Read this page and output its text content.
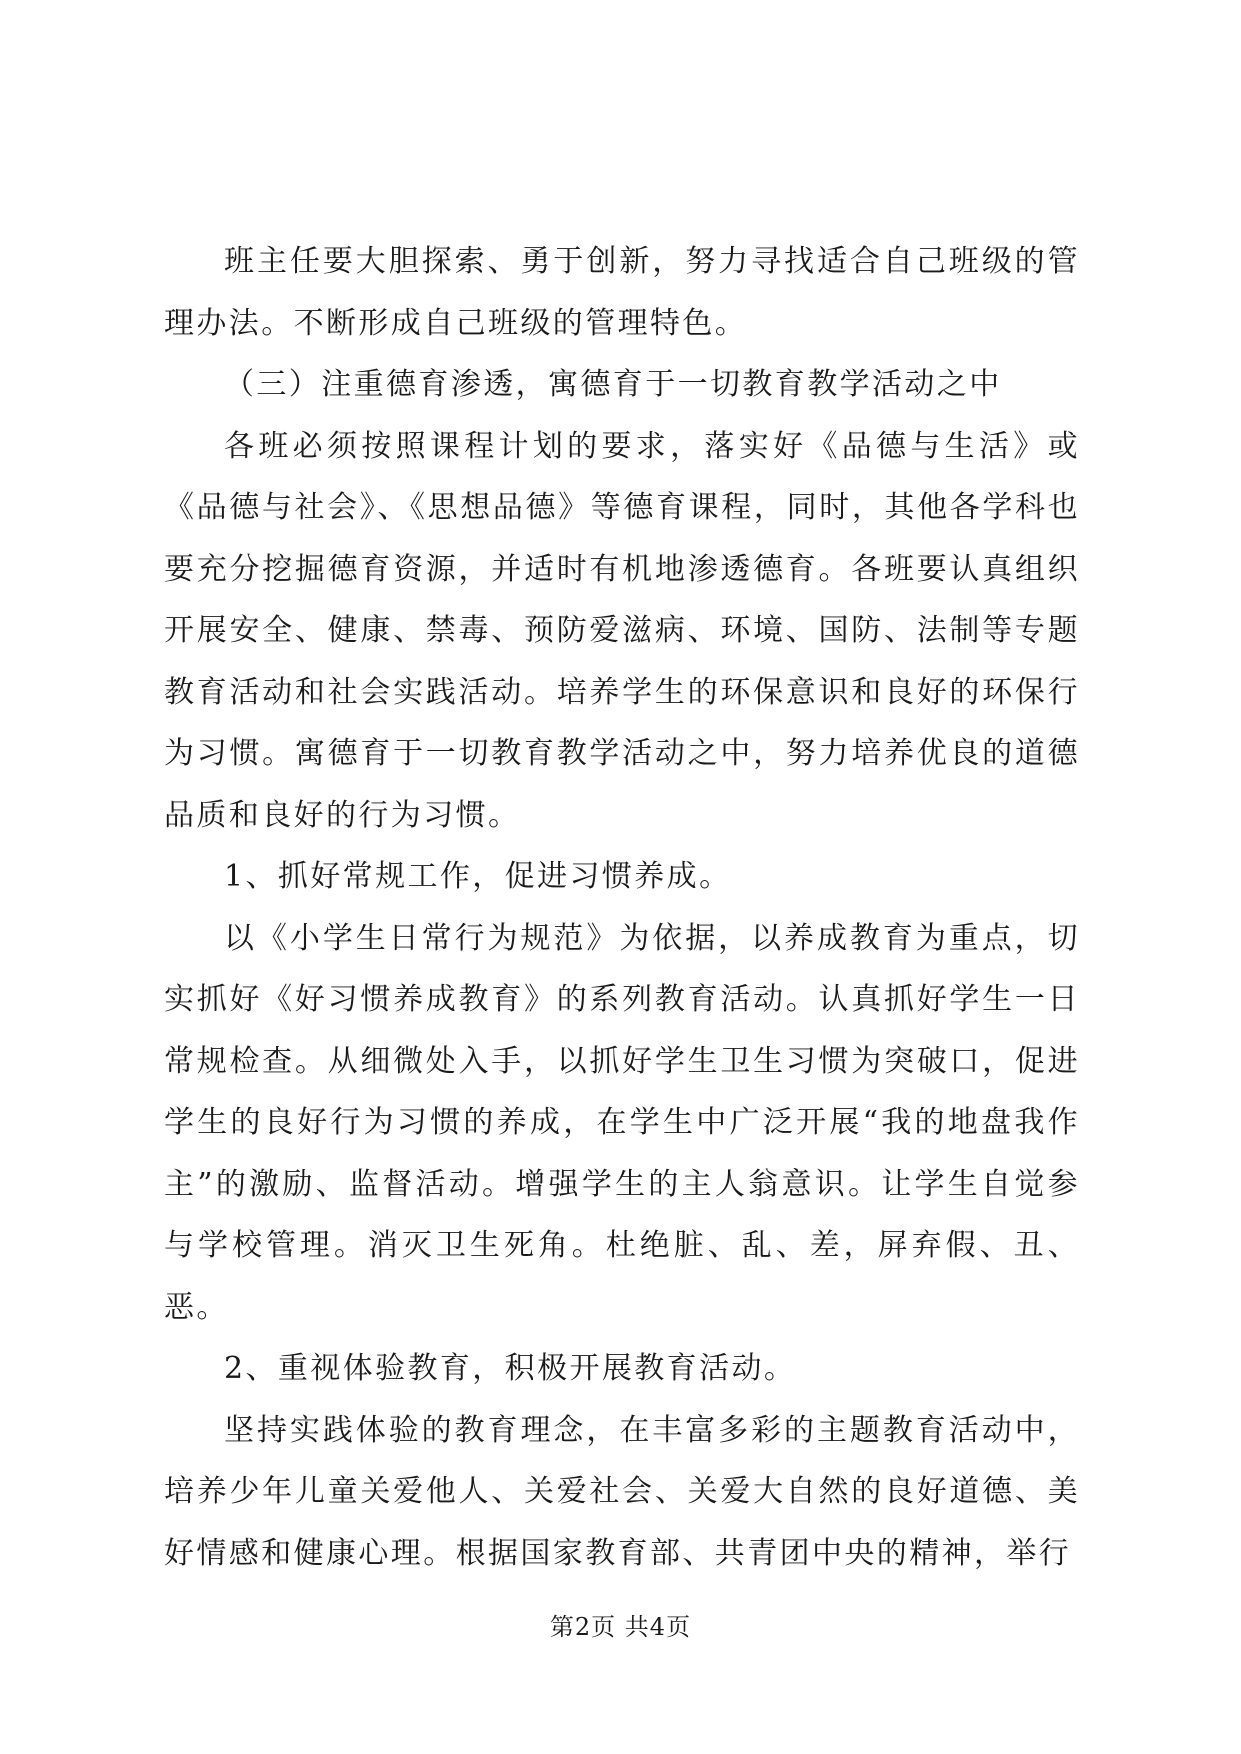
班主任要大胆探索、勇于创新，努力寻找适合自己班级的管理办法。不断形成自己班级的管理特色。

（三）注重德育渗透，寓德育于一切教育教学活动之中

各班必须按照课程计划的要求，落实好《品德与生活》或《品德与社会》、《思想品德》等德育课程，同时，其他各学科也要充分挖掘德育资源，并适时有机地渗透德育。各班要认真组织开展安全、健康、禁毒、预防爱滋病、环境、国防、法制等专题教育活动和社会实践活动。培养学生的环保意识和良好的环保行为习惯。寓德育于一切教育教学活动之中，努力培养优良的道德品质和良好的行为习惯。

1、抓好常规工作，促进习惯养成。

以《小学生日常行为规范》为依据，以养成教育为重点，切实抓好《好习惯养成教育》的系列教育活动。认真抓好学生一日常规检查。从细微处入手，以抓好学生卫生习惯为突破口，促进学生的良好行为习惯的养成，在学生中广泛开展“我的地盘我作主”的激励、监督活动。增强学生的主人翁意识。让学生自觉参与学校管理。消灭卫生死角。杜绝脏、乱、差，屏弃假、丑、恶。

2、重视体验教育，积极开展教育活动。

坚持实践体验的教育理念，在丰富多彩的主题教育活动中，培养少年儿童关爱他人、关爱社会、关爱大自然的良好道德、美好情感和健康心理。根据国家教育部、共青团中央的精神，举行

第2页 共4页
